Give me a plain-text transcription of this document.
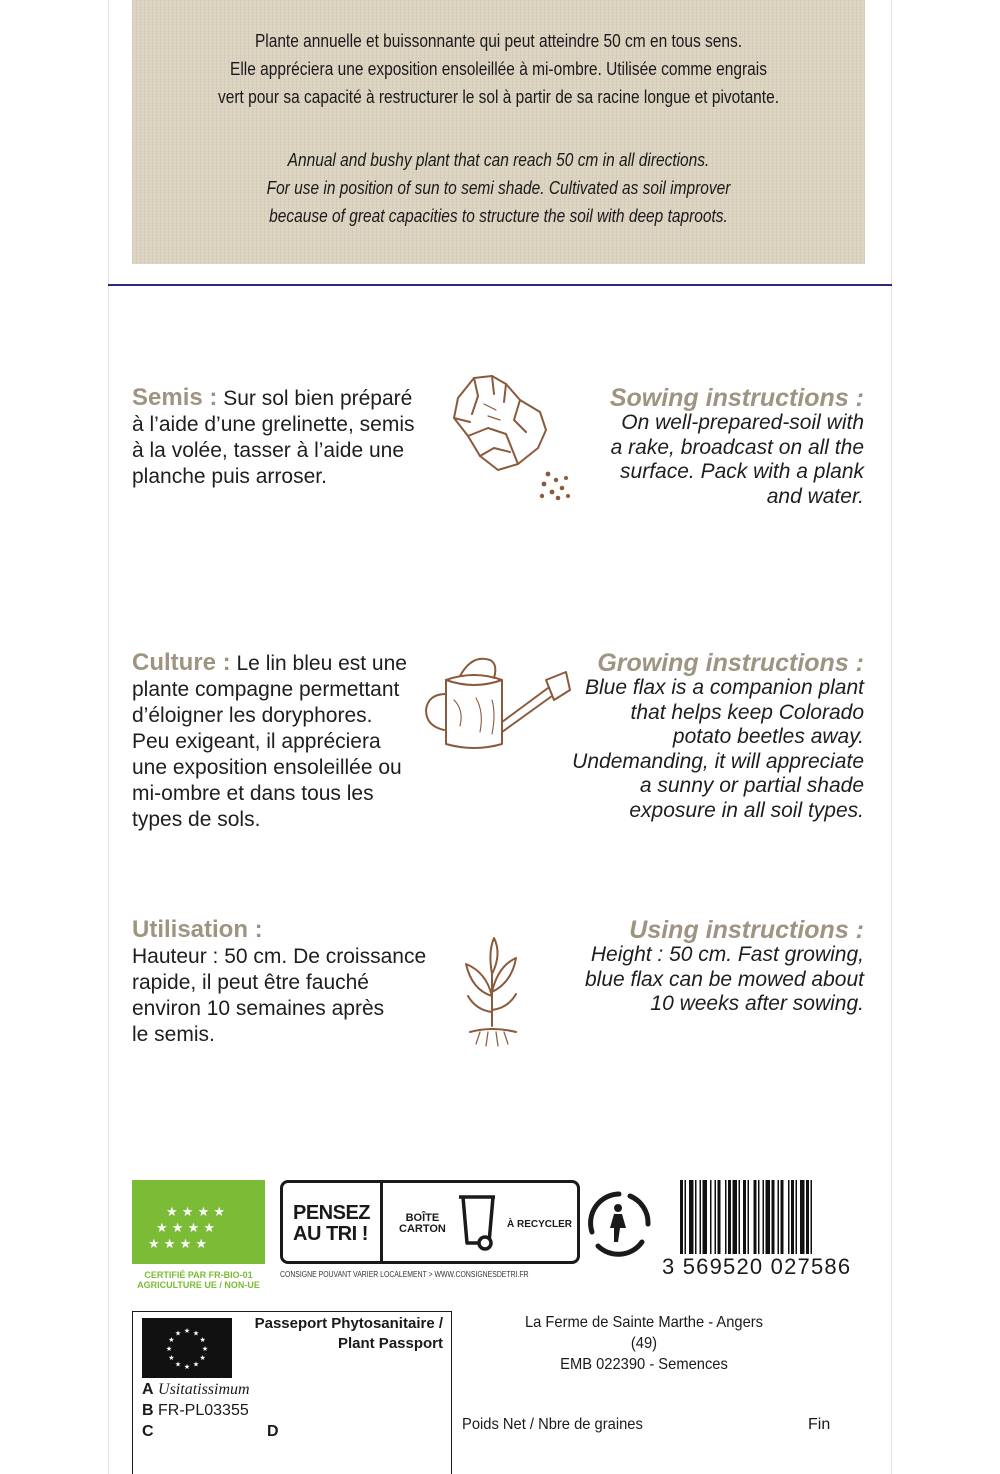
Plante annuelle et buissonnante qui peut atteindre 50 cm en tous sens.

Elle appréciera une exposition ensoleillée à mi-ombre. Utilisée comme engrais

vert pour sa capacité à restructurer le sol à partir de sa racine longue et pivotante.

Annual and bushy plant that can reach 50 cm in all directions.

For use in position of sun to semi shade. Cultivated as soil improver

because of great capacities to structure the soil with deep taproots.

Semis : Sur sol bien préparé
à l’aide d’une grelinette, semis
à la volée, tasser à l’aide une
planche puis arroser.
Sowing instructions :
On well-prepared-soil with
a rake, broadcast on all the
surface. Pack with a plank
and water.
Culture : Le lin bleu est une
plante compagne permettant
d’éloigner les doryphores.
Peu exigeant, il appréciera
une exposition ensoleillée ou
mi-ombre et dans tous les
types de sols.
Growing instructions :
Blue flax is a companion plant
that helps keep Colorado
potato beetles away.
Undemanding, it will appreciate
a sunny or partial shade
exposure in all soil types.
Utilisation :
Hauteur : 50 cm. De croissance
rapide, il peut être fauché
environ 10 semaines après
le semis.
Using instructions :
Height : 50 cm. Fast growing,
blue flax can be mowed about
10 weeks after sowing.
★ ★ ★ ★
★ ★ ★ ★
★ ★ ★ ★
CERTIFIÉ PAR FR-BIO-01
AGRICULTURE UE / NON-UE
PENSEZ
AU TRI !
BOÎTE
CARTON	À RECYCLER
CONSIGNE POUVANT VARIER LOCALEMENT > WWW.CONSIGNESDETRI.FR	3 569520 027586
★
★
★
★
★
★
★
★
★ ★ ★
★
Passeport Phytosanitaire /
Plant Passport
A Usitatissimum
B FR-PL03355
C	D
La Ferme de Sainte Marthe - Angers (49)
EMB 022390 - Semences
Poids Net / Nbre de graines	Fin
